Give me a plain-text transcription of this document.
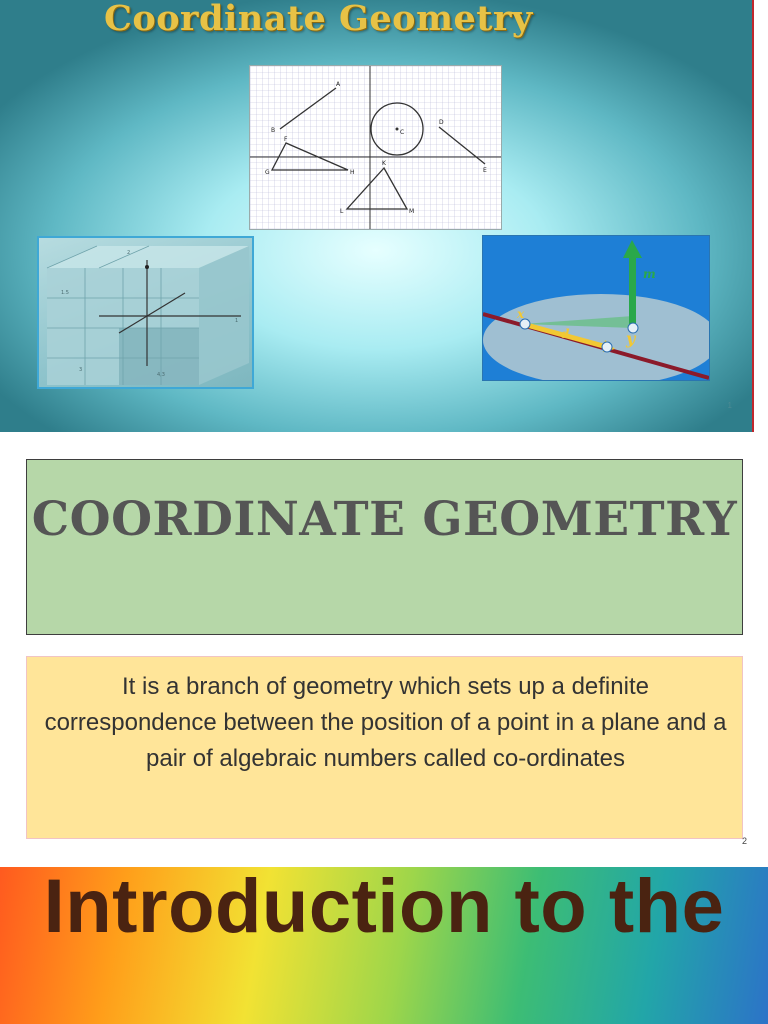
Coordinate Geometry
A
B	C
D
E
F
G	H
K
L	M
2
1.5
1
3
4,3
x
d	y
m
1
COORDINATE GEOMETRY
It is a branch of geometry which sets up a definite correspondence between the position of a point in a plane and a pair of algebraic numbers called co-ordinates
2
Introduction to the
